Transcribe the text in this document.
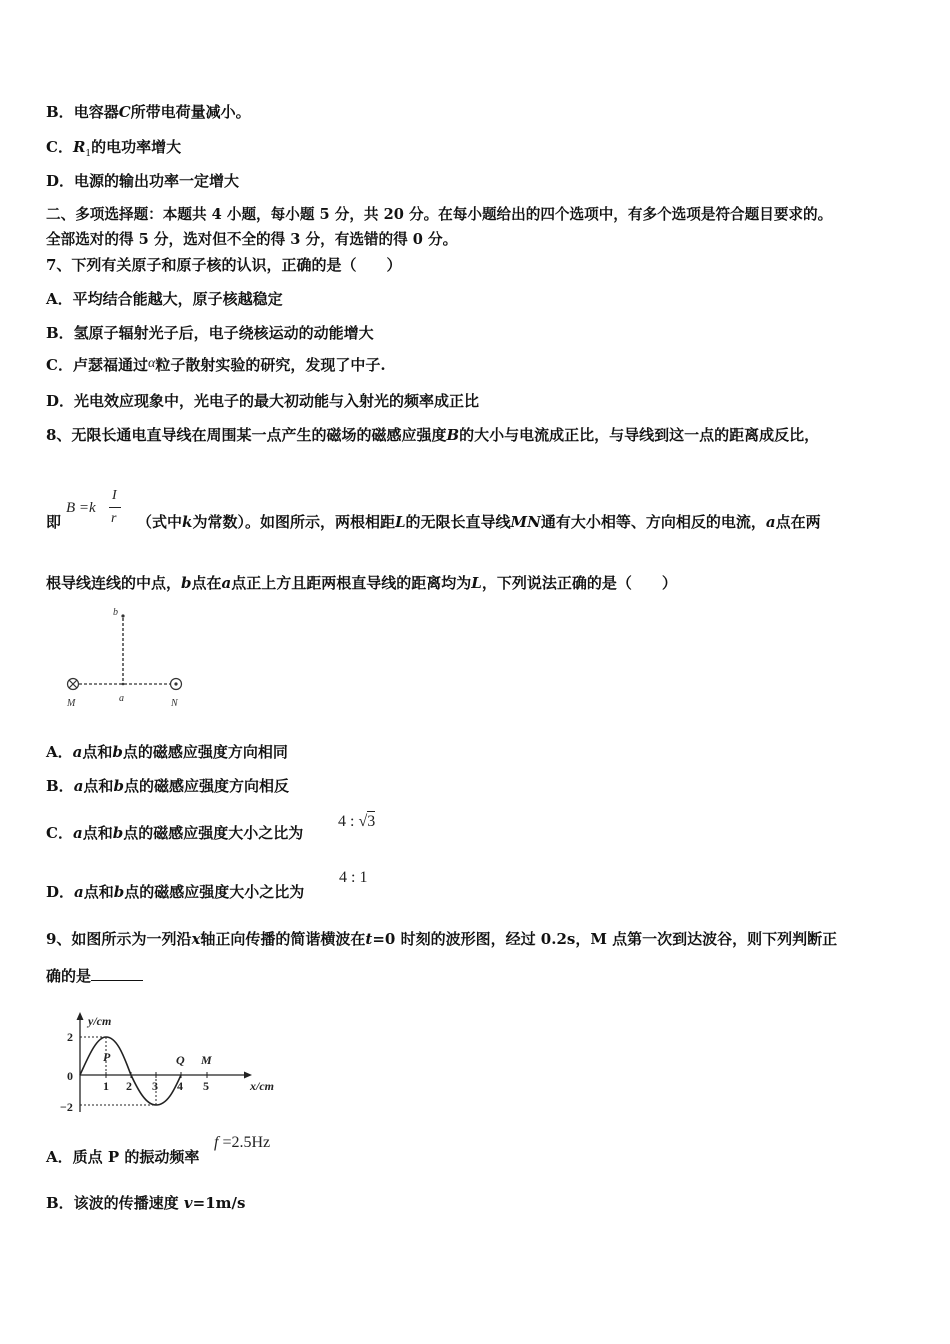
B．电容器C所带电荷量减小。
C．$R_1$的电功率增大
D．电源的输出功率一定增大
二、多项选择题：本题共 4 小题，每小题 5 分，共 20 分。在每小题给出的四个选项中，有多个选项是符合题目要求的。
全部选对的得 5 分，选对但不全的得 3 分，有选错的得 0 分。
7、下列有关原子和原子核的认识，正确的是（　　）
A．平均结合能越大，原子核越稳定
B．氢原子辐射光子后，电子绕核运动的动能增大
C．卢瑟福通过α粒子散射实验的研究，发现了中子.
D．光电效应现象中，光电子的最大初动能与入射光的频率成正比
8、无限长通电直导线在周围某一点产生的磁场的磁感应强度B的大小与电流成正比，与导线到这一点的距离成反比，
即	（式中k为常数）。如图所示，两根相距L的无限长直导线MN通有大小相等、方向相反的电流，a点在两
B =k
I
r
根导线连线的中点，b点在a点正上方且距两根直导线的距离均为L，下列说法正确的是（　　）
b
M	a	N
A．a点和b点的磁感应强度方向相同
B．a点和b点的磁感应强度方向相反
C．a点和b点的磁感应强度大小之比为
4 : √3
D．a点和b点的磁感应强度大小之比为
4 : 1
9、如图所示为一列沿x轴正向传播的简谐横波在t=0 时刻的波形图，经过 0.2s，M 点第一次到达波谷，则下列判断正
确的是
y/cm
x/cm
2
0
−2
1 2 3 4 5
P	Q M
A．质点 P 的振动频率
f =2.5Hz
B．该波的传播速度 v=1m/s
